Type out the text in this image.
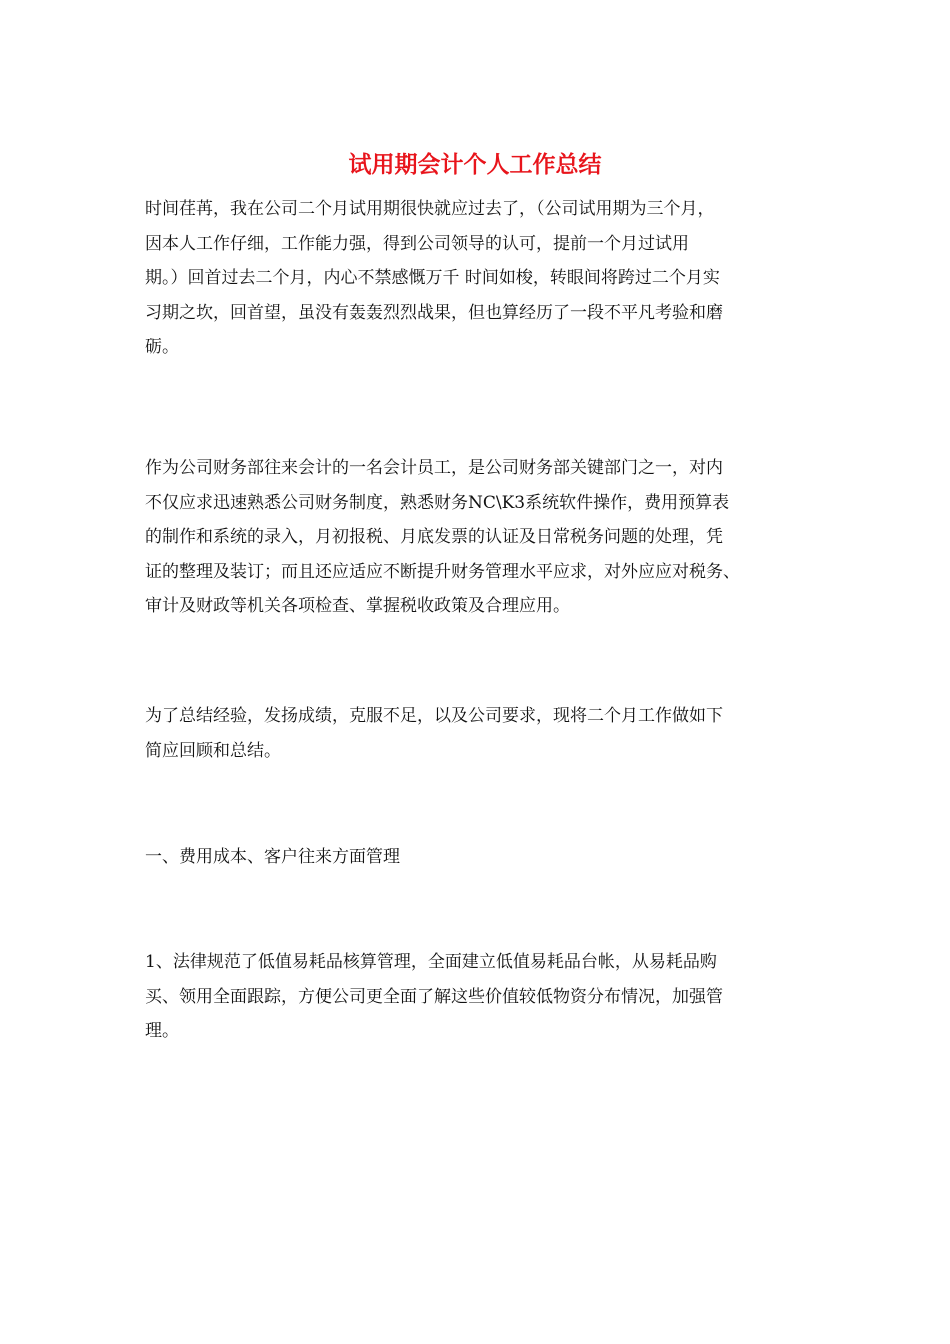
试用期会计个人工作总结
时间荏苒，我在公司二个月试用期很快就应过去了，（公司试用期为三个月，
因本人工作仔细，工作能力强，得到公司领导的认可，提前一个月过试用
期。）回首过去二个月，内心不禁感慨万千 时间如梭，转眼间将跨过二个月实
习期之坎，回首望，虽没有轰轰烈烈战果，但也算经历了一段不平凡考验和磨
砺。
作为公司财务部往来会计的一名会计员工，是公司财务部关键部门之一，对内
不仅应求迅速熟悉公司财务制度，熟悉财务NC\K3系统软件操作，费用预算表
的制作和系统的录入，月初报税、月底发票的认证及日常税务问题的处理，凭
证的整理及装订；而且还应适应不断提升财务管理水平应求，对外应应对税务、
审计及财政等机关各项检查、掌握税收政策及合理应用。
为了总结经验，发扬成绩，克服不足，以及公司要求，现将二个月工作做如下
简应回顾和总结。
一、费用成本、客户往来方面管理
1、法律规范了低值易耗品核算管理，全面建立低值易耗品台帐，从易耗品购
买、领用全面跟踪，方便公司更全面了解这些价值较低物资分布情况，加强管
理。
